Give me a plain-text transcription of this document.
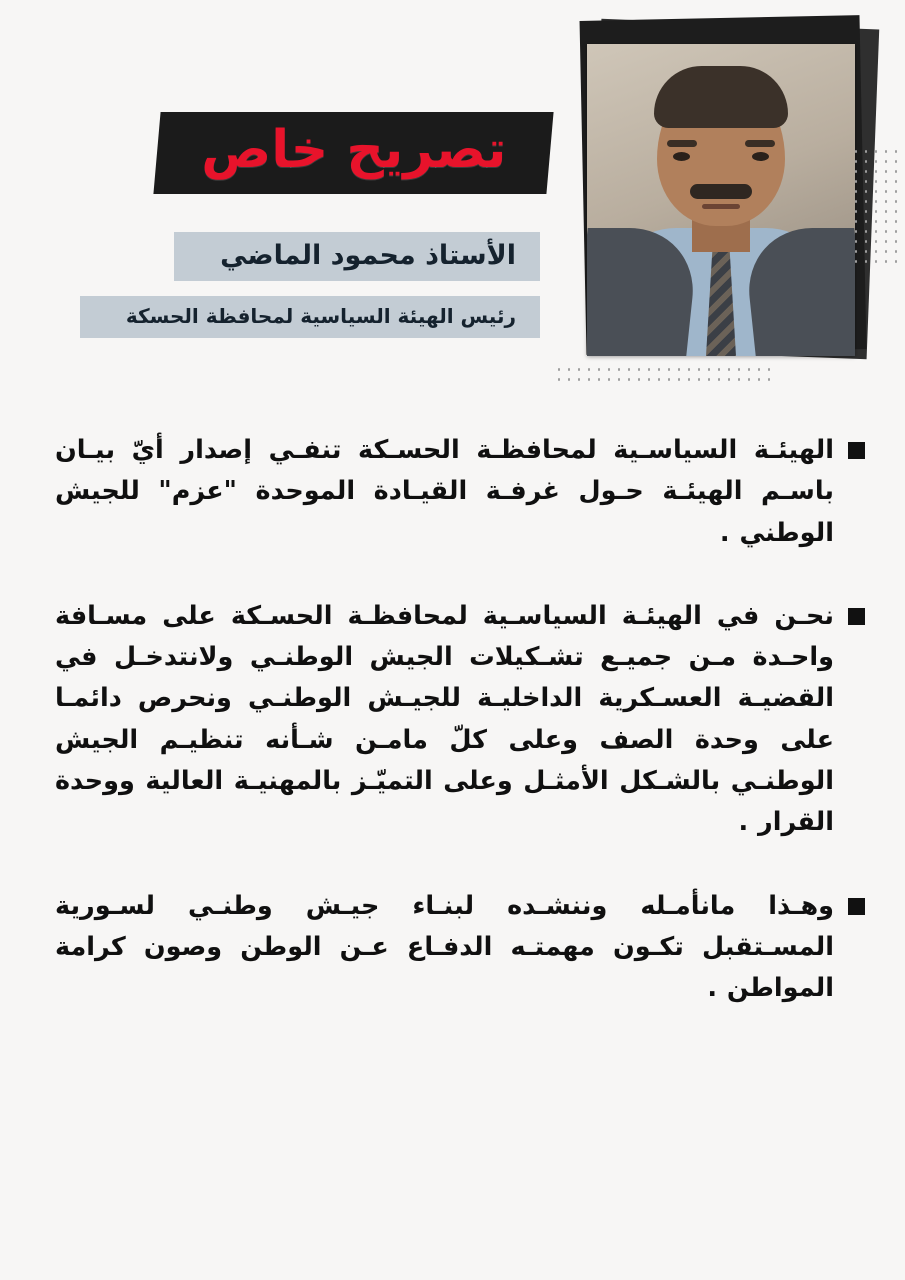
تصريح خاص
الأستاذ محمود الماضي
رئيس الهيئة السياسية لمحافظة الحسكة
الهيئـة السياسـية لمحافظـة الحسـكة تنفـي إصدار أيّ بيـان باسـم الهيئـة حـول غرفـة القيـادة الموحدة "عزم" للجيش الوطني .
نحـن في الهيئـة السياسـية لمحافظـة الحسـكة على مسـافة واحـدة مـن جميـع تشـكيلات الجيش الوطنـي ولانتدخـل في القضيـة العسـكرية الداخليـة للجيـش الوطنـي ونحرص دائمـا على وحدة الصف وعلى كلّ مامـن شـأنه تنظيـم الجيش الوطنـي بالشـكل الأمثـل وعلى التميّـز بالمهنيـة العالية ووحدة القرار .
وهـذا مانأمـله وننشـده لبنـاء جيـش وطنـي لسـورية المسـتقبل تكـون مهمتـه الدفـاع عـن الوطن وصون كرامة المواطن .
